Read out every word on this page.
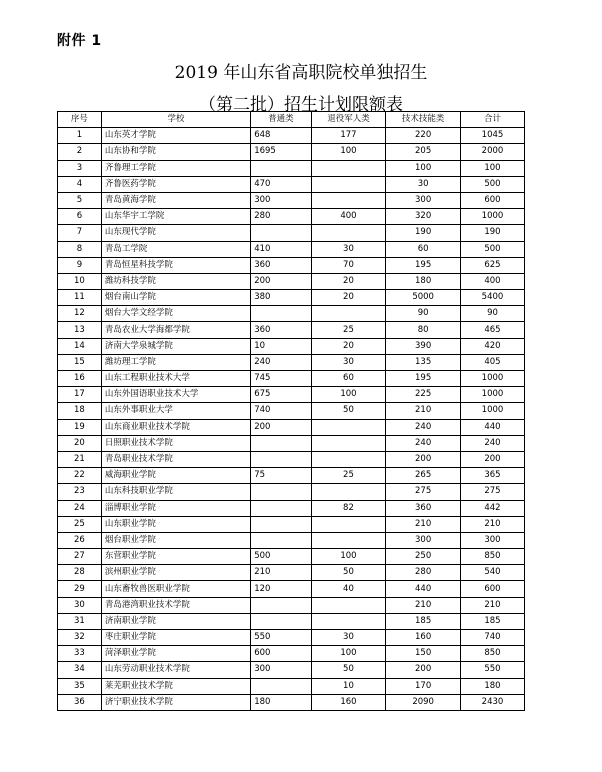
附件 1
2019 年山东省高职院校单独招生
（第二批）招生计划限额表
序号	学校	普通类	退役军人类	技术技能类	合计
1	山东英才学院	648	177	220	1045
2	山东协和学院	1695	100	205	2000
3	齐鲁理工学院			100	100
4	齐鲁医药学院	470		30	500
5	青岛黄海学院	300		300	600
6	山东华宇工学院	280	400	320	1000
7	山东现代学院			190	190
8	青岛工学院	410	30	60	500
9	青岛恒星科技学院	360	70	195	625
10	潍坊科技学院	200	20	180	400
11	烟台南山学院	380	20	5000	5400
12	烟台大学文经学院			90	90
13	青岛农业大学海都学院	360	25	80	465
14	济南大学泉城学院	10	20	390	420
15	潍坊理工学院	240	30	135	405
16	山东工程职业技术大学	745	60	195	1000
17	山东外国语职业技术大学	675	100	225	1000
18	山东外事职业大学	740	50	210	1000
19	山东商业职业技术学院	200		240	440
20	日照职业技术学院			240	240
21	青岛职业技术学院			200	200
22	威海职业学院	75	25	265	365
23	山东科技职业学院			275	275
24	淄博职业学院		82	360	442
25	山东职业学院			210	210
26	烟台职业学院			300	300
27	东营职业学院	500	100	250	850
28	滨州职业学院	210	50	280	540
29	山东畜牧兽医职业学院	120	40	440	600
30	青岛港湾职业技术学院			210	210
31	济南职业学院			185	185
32	枣庄职业学院	550	30	160	740
33	菏泽职业学院	600	100	150	850
34	山东劳动职业技术学院	300	50	200	550
35	莱芜职业技术学院		10	170	180
36	济宁职业技术学院	180	160	2090	2430
